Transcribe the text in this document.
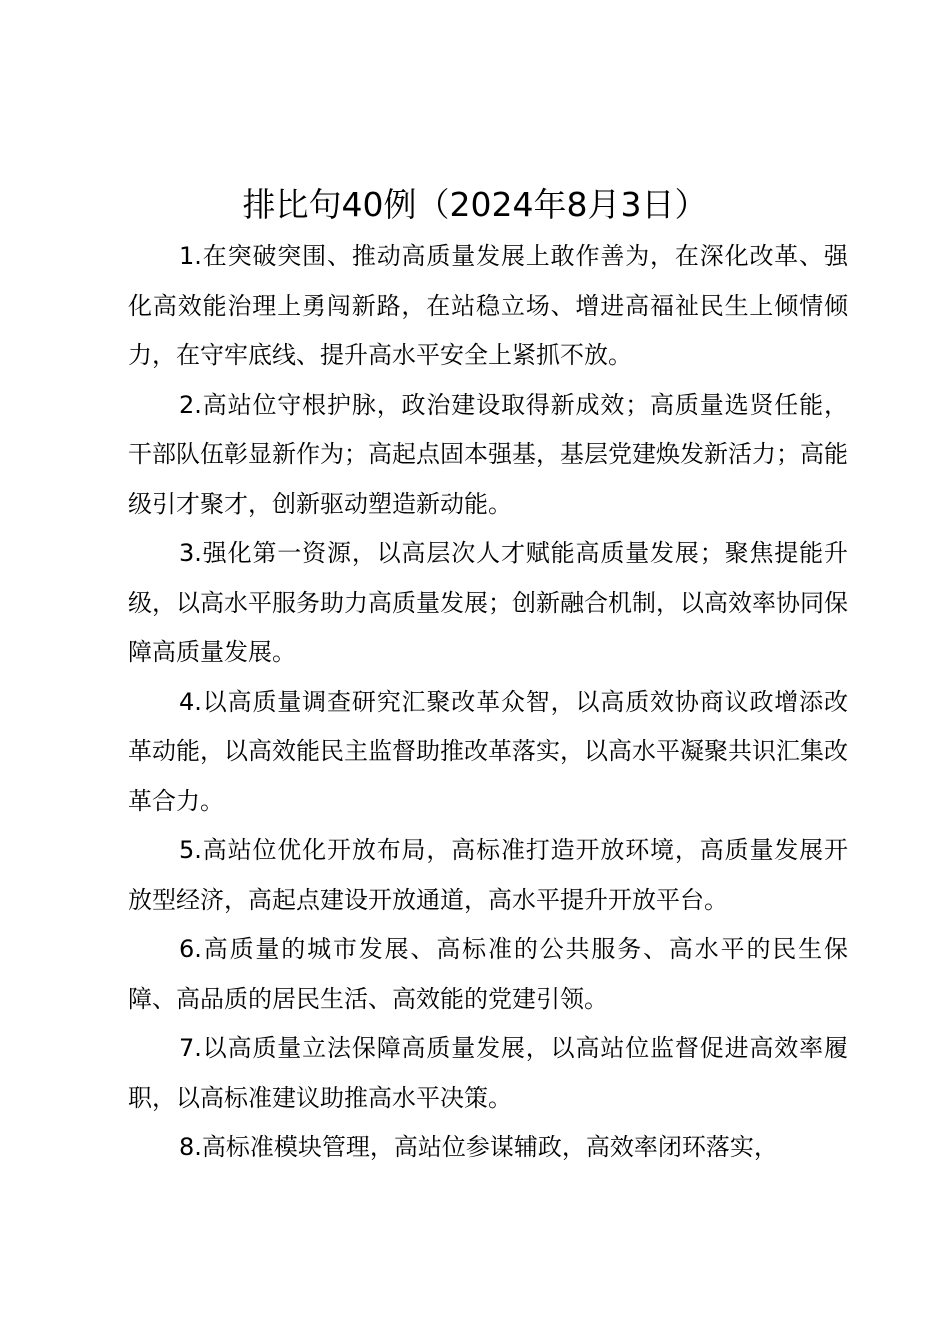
排比句40例（2024年8月3日）

1.在突破突围、推动高质量发展上敢作善为，在深化改革、强化高效能治理上勇闯新路，在站稳立场、增进高福祉民生上倾情倾力，在守牢底线、提升高水平安全上紧抓不放。

2.高站位守根护脉，政治建设取得新成效；高质量选贤任能，干部队伍彰显新作为；高起点固本强基，基层党建焕发新活力；高能级引才聚才，创新驱动塑造新动能。

3.强化第一资源，以高层次人才赋能高质量发展；聚焦提能升级，以高水平服务助力高质量发展；创新融合机制，以高效率协同保障高质量发展。

4.以高质量调查研究汇聚改革众智，以高质效协商议政增添改革动能，以高效能民主监督助推改革落实，以高水平凝聚共识汇集改革合力。

5.高站位优化开放布局，高标准打造开放环境，高质量发展开放型经济，高起点建设开放通道，高水平提升开放平台。

6.高质量的城市发展、高标准的公共服务、高水平的民生保障、高品质的居民生活、高效能的党建引领。

7.以高质量立法保障高质量发展，以高站位监督促进高效率履职，以高标准建议助推高水平决策。

8.高标准模块管理，高站位参谋辅政，高效率闭环落实，
